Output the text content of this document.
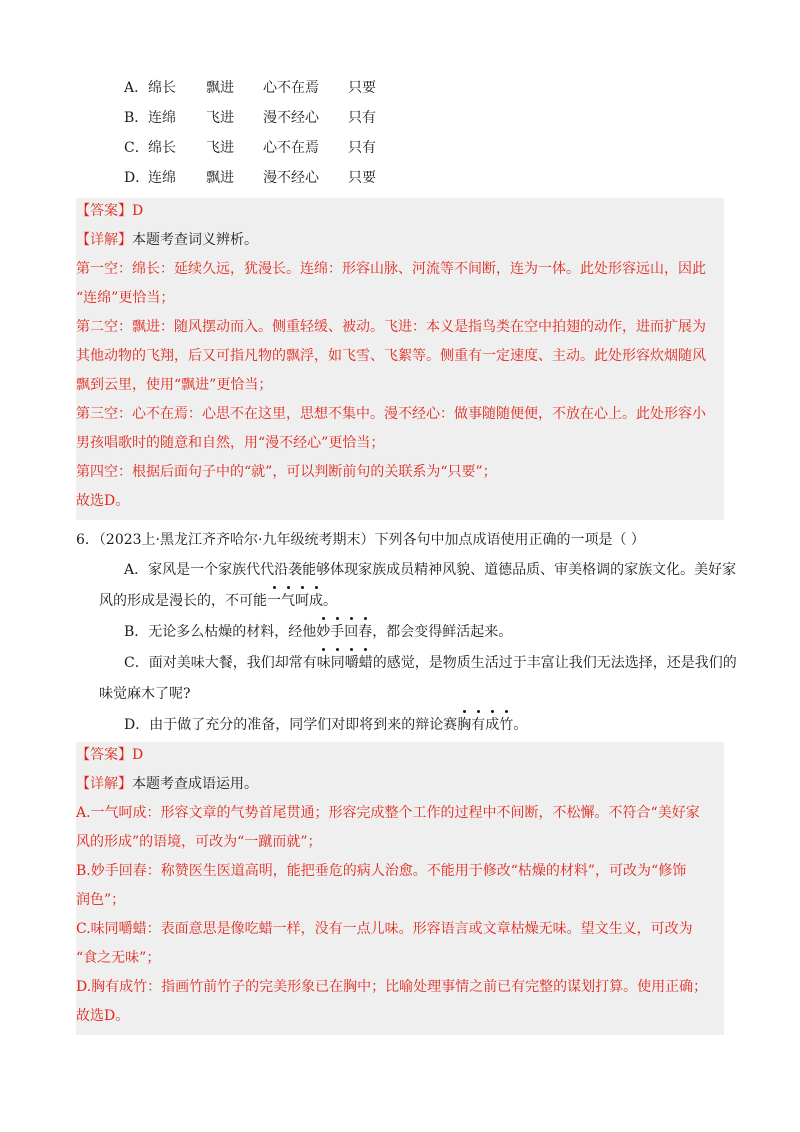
A． 绵长 飘进 心不在焉 只要
B． 连绵 飞进 漫不经心 只有
C． 绵长 飞进 心不在焉 只有
D．
连绵 飘进 漫不经心 只要
【答案】D
【详解】本题考查词义辨析。
第一空：绵长：延续久远，犹漫长。连绵：形容山脉、河流等不间断，连为一体。此处形容远山，因此
“连绵”更恰当；
第二空：飘进：随风摆动而入。侧重轻缓、被动。飞进：本义是指鸟类在空中拍翅的动作，进而扩展为
其他动物的飞翔，后又可指凡物的飘浮，如飞雪、飞絮等。侧重有一定速度、主动。此处形容炊烟随风
飘到云里，使用“飘进”更恰当；
第三空：心不在焉：心思不在这里，思想不集中。漫不经心：做事随随便便，不放在心上。此处形容小
男孩唱歌时的随意和自然，用“漫不经心”更恰当；
第四空：根据后面句子中的“就”，可以判断前句的关联系为“只要”；
故选D。
6．（2023上·黑龙江齐齐哈尔·九年级统考期末）下列各句中加点成语使用正确的一项是（ ）
A．家风是一个家族代代沿袭能够体现家族成员精神风貌、道德品质、审美格调的家族文化。美好家
风的形成是漫长的，不可能一气呵成。
B．无论多么枯燥的材料，经他妙手回春，都会变得鲜活起来。
C．面对美味大餐，我们却常有味同嚼蜡的感觉，是物质生活过于丰富让我们无法选择，还是我们的
味觉麻木了呢?
D．由于做了充分的准备，同学们对即将到来的辩论赛胸有成竹。
【答案】D
【详解】本题考查成语运用。
A.一气呵成：形容文章的气势首尾贯通；形容完成整个工作的过程中不间断，不松懈。不符合“美好家
风的形成”的语境，可改为“一蹴而就”；
B.妙手回春：称赞医生医道高明，能把垂危的病人治愈。不能用于修改“枯燥的材料”，可改为“修饰
润色”；
C.味同嚼蜡：表面意思是像吃蜡一样，没有一点儿味。形容语言或文章枯燥无味。望文生义，可改为
“食之无味”；
D.胸有成竹：指画竹前竹子的完美形象已在胸中；比喻处理事情之前已有完整的谋划打算。使用正确；
故选D。
